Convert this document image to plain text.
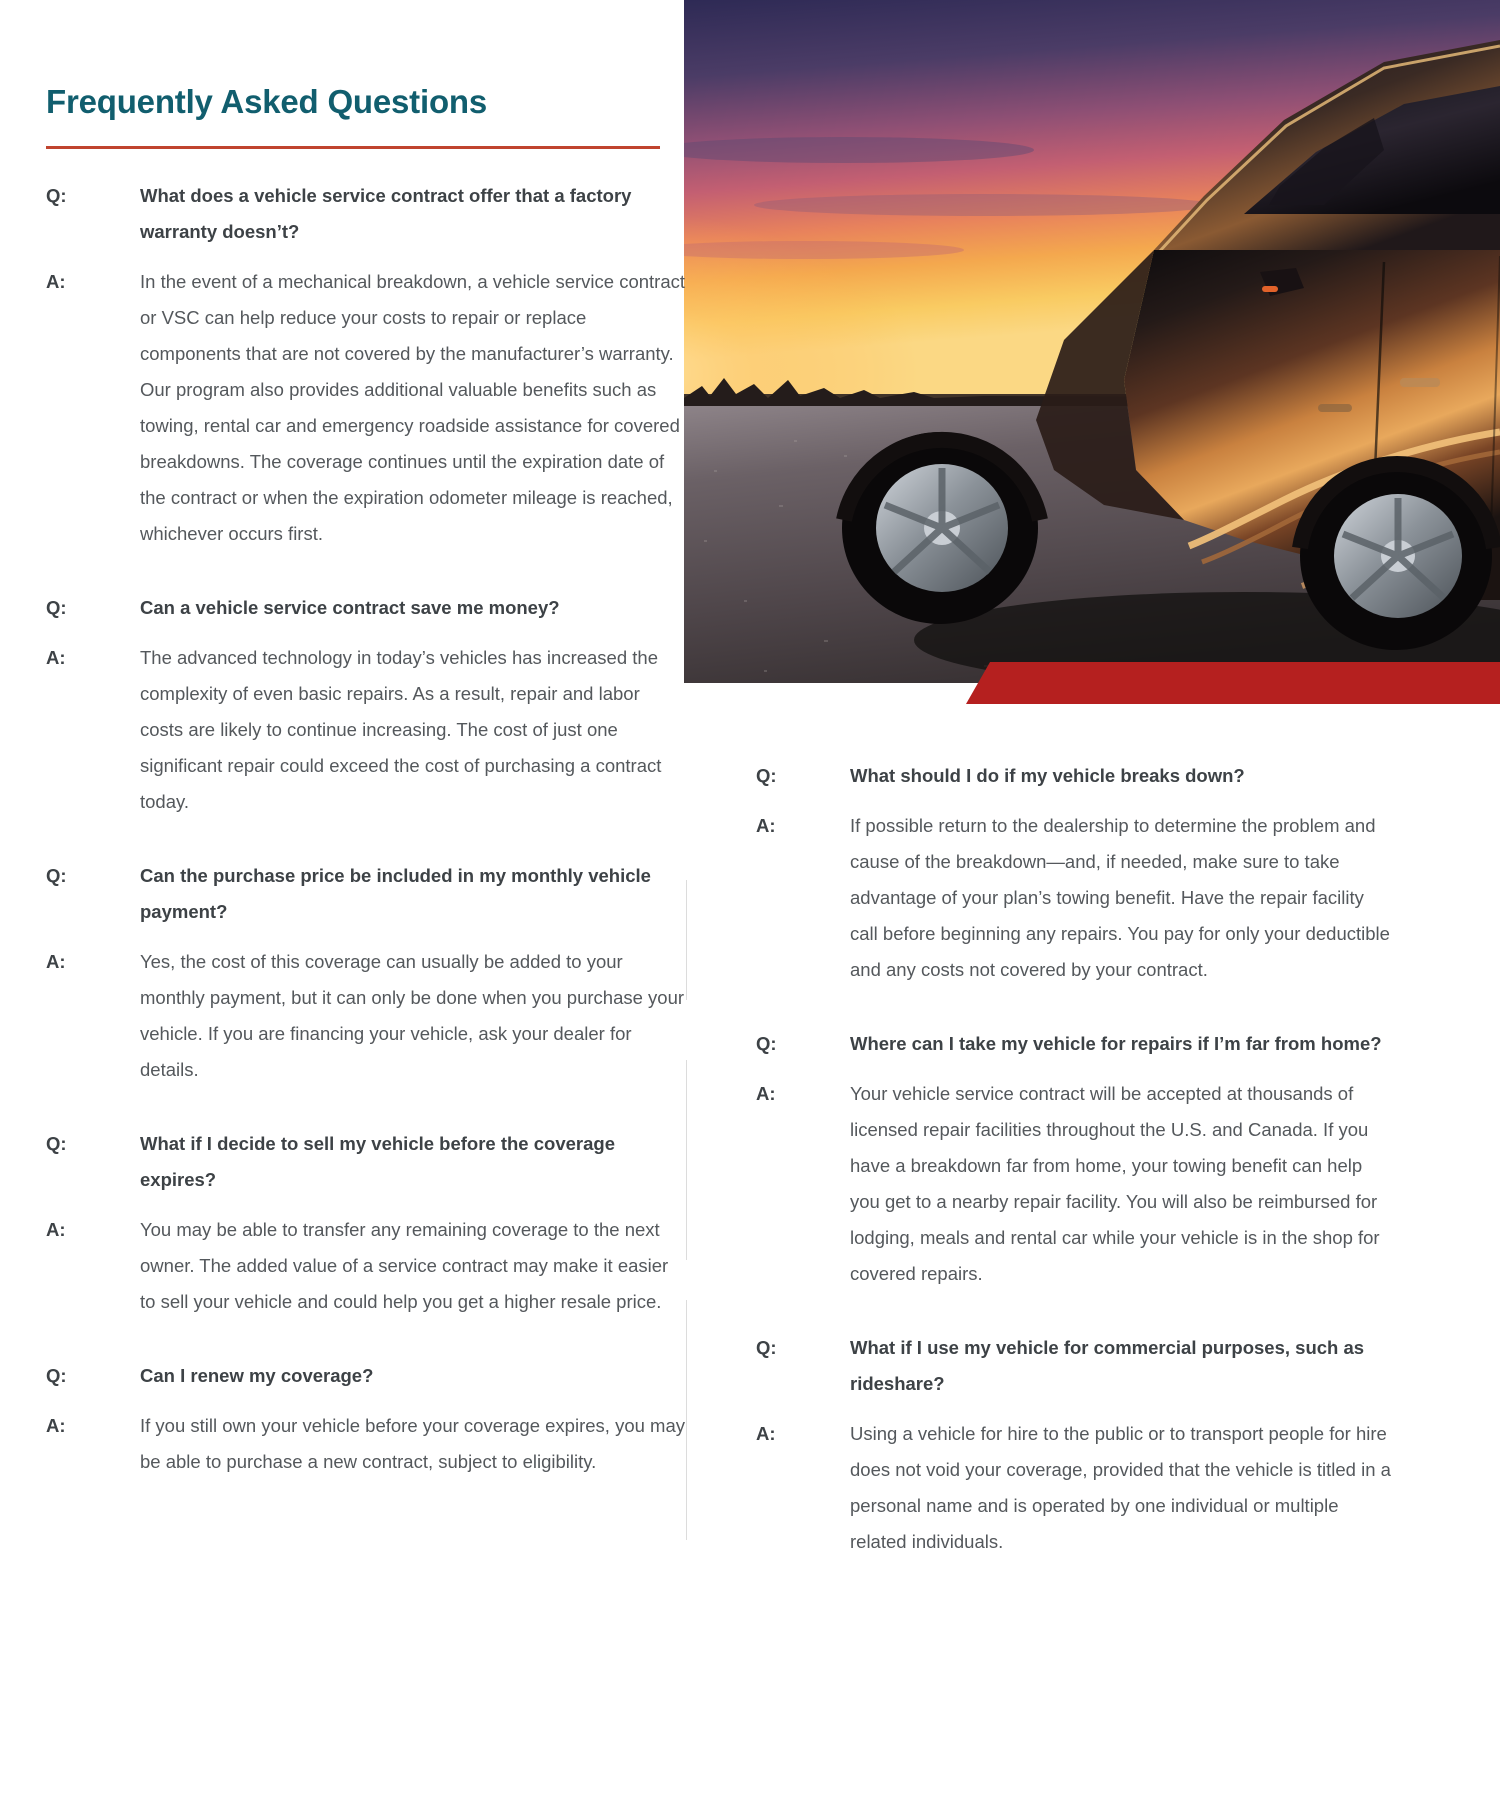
Frequently Asked Questions
Q:	What does a vehicle service contract offer that a factory warranty doesn’t?
A:	In the event of a mechanical breakdown, a vehicle service contract or VSC can help reduce your costs to repair or replace components that are not covered by the manufacturer’s warranty. Our program also provides additional valuable benefits such as towing, rental car and emergency roadside assistance for covered breakdowns. The coverage continues until the expiration date of the contract or when the expiration odometer mileage is reached, whichever occurs first.
Q:	Can a vehicle service contract save me money?
A:	The advanced technology in today’s vehicles has increased the complexity of even basic repairs. As a result, repair and labor costs are likely to continue increasing. The cost of just one significant repair could exceed the cost of purchasing a contract today.
Q:	Can the purchase price be included in my monthly vehicle payment?
A:	Yes, the cost of this coverage can usually be added to your monthly payment, but it can only be done when you purchase your vehicle. If you are financing your vehicle, ask your dealer for details.
Q:	What if I decide to sell my vehicle before the coverage expires?
A:	You may be able to transfer any remaining coverage to the next owner. The added value of a service contract may make it easier to sell your vehicle and could help you get a higher resale price.
Q:	Can I renew my coverage?
A:	If you still own your vehicle before your coverage expires, you may be able to purchase a new contract, subject to eligibility.
Q:	What should I do if my vehicle breaks down?
A:	If possible return to the dealership to determine the problem and cause of the breakdown—and, if needed, make sure to take advantage of your plan’s towing benefit. Have the repair facility call before beginning any repairs. You pay for only your deductible and any costs not covered by your contract.
Q:	Where can I take my vehicle for repairs if I’m far from home?
A:	Your vehicle service contract will be accepted at thousands of licensed repair facilities throughout the U.S. and Canada. If you have a breakdown far from home, your towing benefit can help you get to a nearby repair facility. You will also be reimbursed for lodging, meals and rental car while your vehicle is in the shop for covered repairs.
Q:	What if I use my vehicle for commercial purposes, such as rideshare?
A:	Using a vehicle for hire to the public or to transport people for hire does not void your coverage, provided that the vehicle is titled in a personal name and is operated by one individual or multiple related individuals.
